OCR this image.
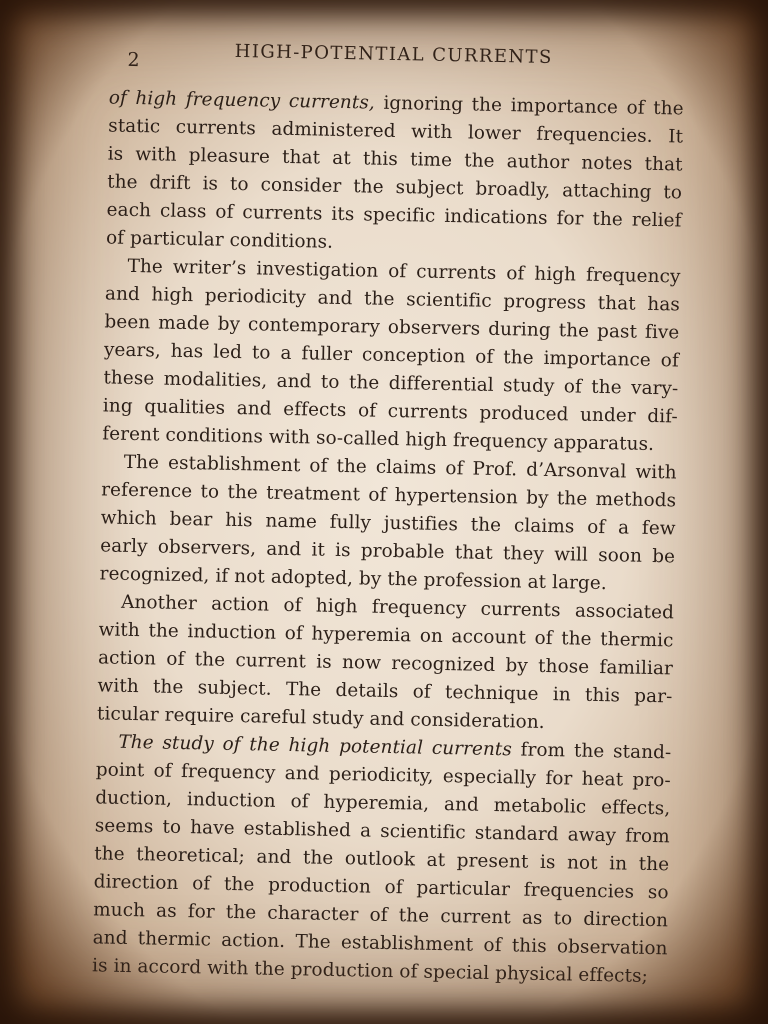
2	HIGH-POTENTIAL CURRENTS
of high frequency currents, ignoring the importance of the
static currents administered with lower frequencies. It
is with pleasure that at this time the author notes that
the drift is to consider the subject broadly, attaching to
each class of currents its specific indications for the relief
of particular conditions.
The writer’s investigation of currents of high frequency
and high periodicity and the scientific progress that has
been made by contemporary observers during the past five
years, has led to a fuller conception of the importance of
these modalities, and to the differential study of the vary-
ing qualities and effects of currents produced under dif-
ferent conditions with so-called high frequency apparatus.
The establishment of the claims of Prof. d’Arsonval with
reference to the treatment of hypertension by the methods
which bear his name fully justifies the claims of a few
early observers, and it is probable that they will soon be
recognized, if not adopted, by the profession at large.
Another action of high frequency currents associated
with the induction of hyperemia on account of the thermic
action of the current is now recognized by those familiar
with the subject. The details of technique in this par-
ticular require careful study and consideration.
The study of the high potential currents from the stand-
point of frequency and periodicity, especially for heat pro-
duction, induction of hyperemia, and metabolic effects,
seems to have established a scientific standard away from
the theoretical; and the outlook at present is not in the
direction of the production of particular frequencies so
much as for the character of the current as to direction
and thermic action. The establishment of this observation
is in accord with the production of special physical effects;
